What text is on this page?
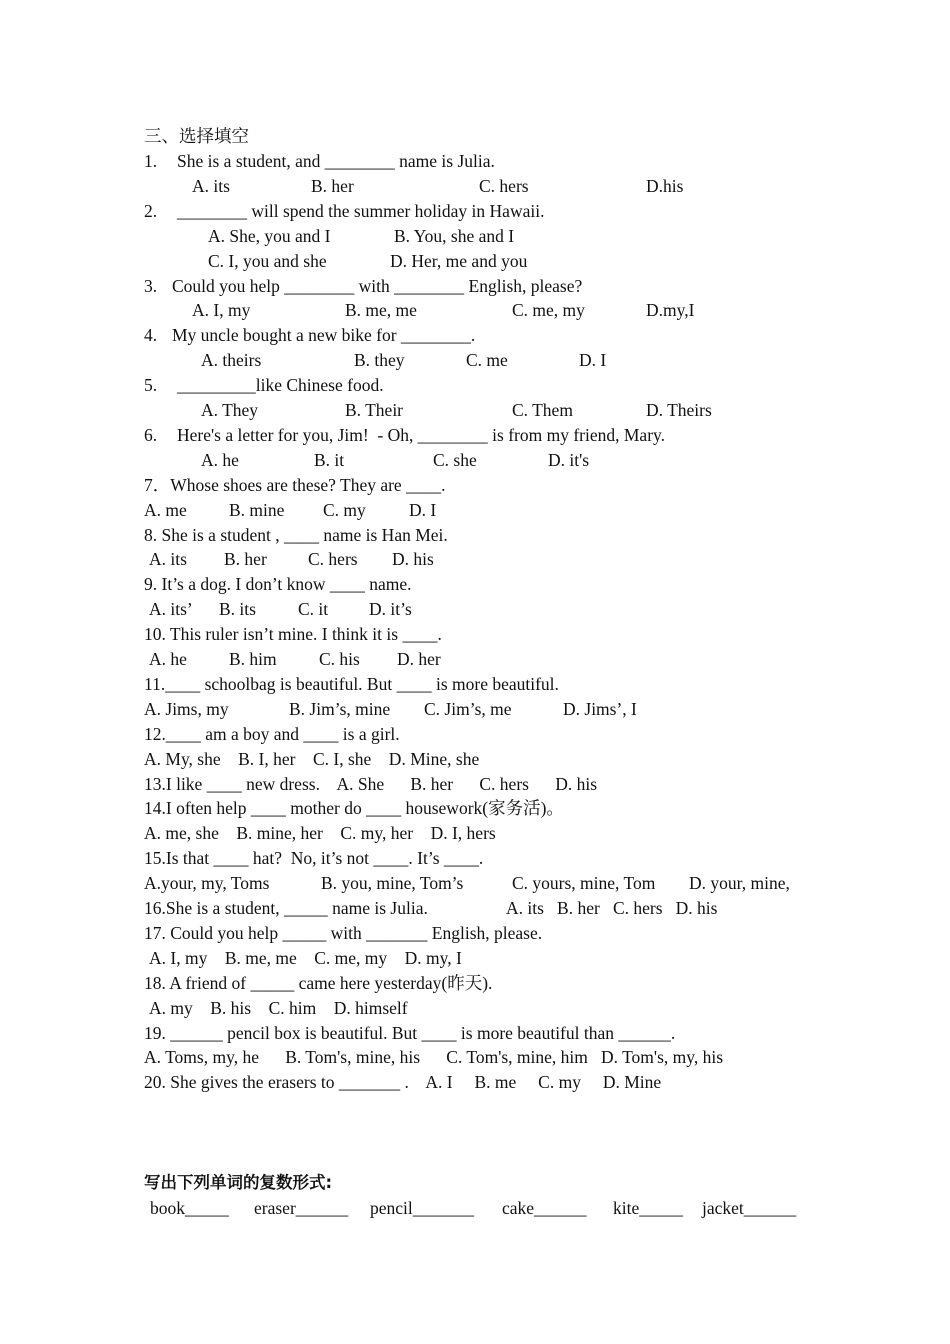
三、选择填空

1. She is a student, and ________ name is Julia.
A. its	B. her	C. hers	D.his
2. ________ will spend the summer holiday in Hawaii.
A. She, you and I	B. You, she and I
C. I, you and she	D. Her, me and you
3. Could you help ________ with ________ English, please?
A. I, my	B. me, me	C. me, my	D.my,I
4. My uncle bought a new bike for ________.
A. theirs	B. they	C. me	D. I
5. _________like Chinese food.
A. They	B. Their	C. Them	D. Theirs
6. Here's a letter for you, Jim!  - Oh, ________ is from my friend, Mary.
A. he	B. it	C. she	D. it's
7．Whose shoes are these? They are ____.
A. me B. mine C. my D. I
8. She is a student , ____ name is Han Mei.
A. its B. her C. hers D. his
9. It’s a dog. I don’t know ____ name.
A. its’ B. its C. it D. it’s
10. This ruler isn’t mine. I think it is ____.
A. he B. him C. his D. her
11.____ schoolbag is beautiful. But ____ is more beautiful.
A. Jims, my	B. Jim’s, mine C. Jim’s, me	D. Jims’, I
12.____ am a boy and ____ is a girl.
A. My, she    B. I, her    C. I, she    D. Mine, she
13.I like ____ new dress.    A. She      B. her      C. hers      D. his
14.I often help ____ mother do ____ housework(家务活)。
A. me, she    B. mine, her    C. my, her    D. I, hers
15.Is that ____ hat?  No, it’s not ____. It’s ____.
A.your, my, Toms	B. you, mine, Tom’s	C. yours, mine, Tom D. your, mine,
16.She is a student, _____ name is Julia.	A. its   B. her   C. hers   D. his
17. Could you help _____ with _______ English, please.
A. I, my    B. me, me    C. me, my    D. my, I
18. A friend of _____ came here yesterday(昨天).
A. my    B. his    C. him    D. himself
19. ______ pencil box is beautiful. But ____ is more beautiful than ______.
A. Toms, my, he      B. Tom's, mine, his      C. Tom's, mine, him   D. Tom's, my, his
20. She gives the erasers to _______ .    A. I     B. me     C. my     D. Mine

写出下列单词的复数形式:

book_____ eraser______ pencil_______ cake______ kite_____ jacket______
